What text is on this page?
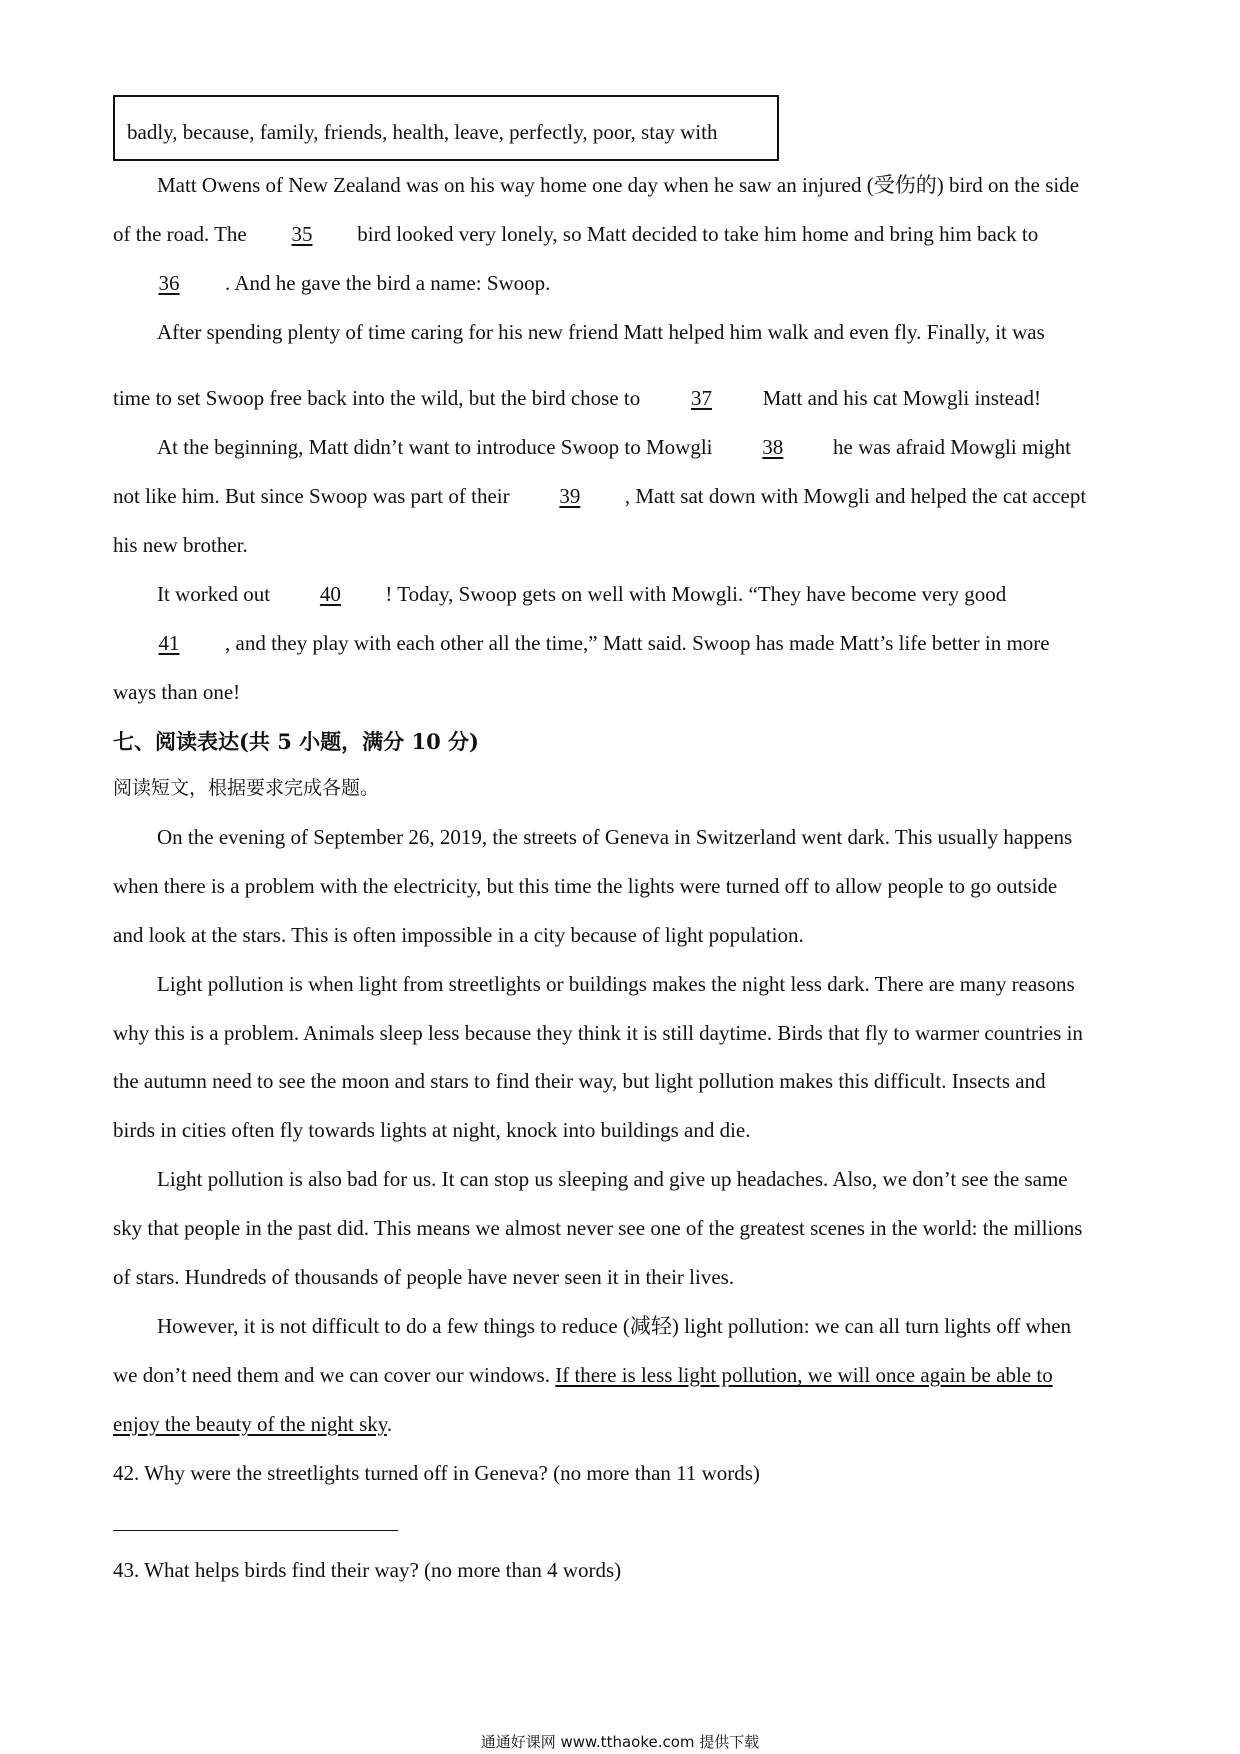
badly, because, family, friends, health, leave, perfectly, poor, stay with
Matt Owens of New Zealand was on his way home one day when he saw an injured (受伤的) bird on the side
of the road. The 35 bird looked very lonely, so Matt decided to take him home and bring him back to
36 . And he gave the bird a name: Swoop.
After spending plenty of time caring for his new friend Matt helped him walk and even fly. Finally, it was
time to set Swoop free back into the wild, but the bird chose to 37 Matt and his cat Mowgli instead!
At the beginning, Matt didn’t want to introduce Swoop to Mowgli 38 he was afraid Mowgli might
not like him. But since Swoop was part of their 39 , Matt sat down with Mowgli and helped the cat accept
his new brother.
It worked out 40 ! Today, Swoop gets on well with Mowgli. “They have become very good
41 , and they play with each other all the time,” Matt said. Swoop has made Matt’s life better in more
ways than one!
七、阅读表达(共 5 小题，满分 10 分)
阅读短文，根据要求完成各题。
On the evening of September 26, 2019, the streets of Geneva in Switzerland went dark. This usually happens
when there is a problem with the electricity, but this time the lights were turned off to allow people to go outside
and look at the stars. This is often impossible in a city because of light population.
Light pollution is when light from streetlights or buildings makes the night less dark. There are many reasons
why this is a problem. Animals sleep less because they think it is still daytime. Birds that fly to warmer countries in
the autumn need to see the moon and stars to find their way, but light pollution makes this difficult. Insects and
birds in cities often fly towards lights at night, knock into buildings and die.
Light pollution is also bad for us. It can stop us sleeping and give up headaches. Also, we don’t see the same
sky that people in the past did. This means we almost never see one of the greatest scenes in the world: the millions
of stars. Hundreds of thousands of people have never seen it in their lives.
However, it is not difficult to do a few things to reduce (减轻) light pollution: we can all turn lights off when
we don’t need them and we can cover our windows. If there is less light pollution, we will once again be able to
enjoy the beauty of the night sky.
42. Why were the streetlights turned off in Geneva? (no more than 11 words)
43. What helps birds find their way? (no more than 4 words)
通通好课网 www.tthaoke.com 提供下载
